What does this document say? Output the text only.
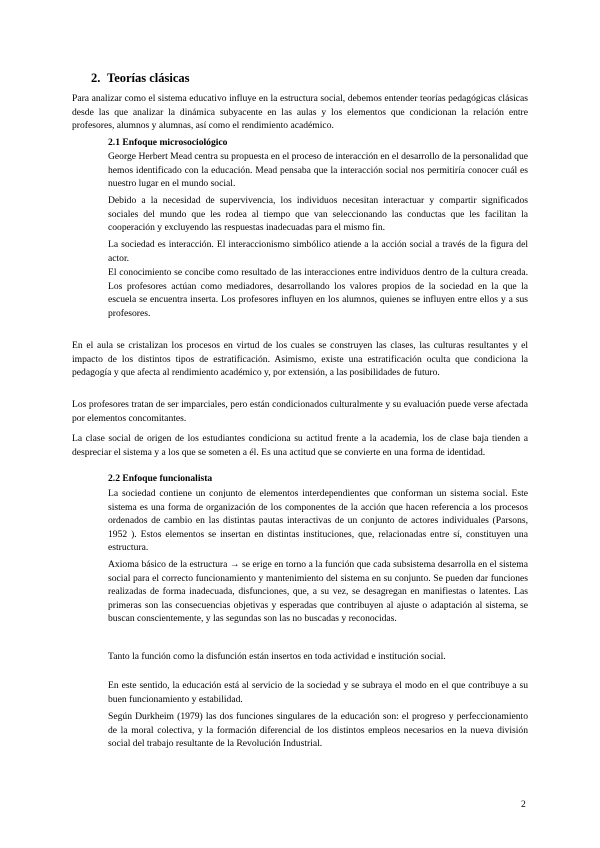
2. Teorías clásicas

Para analizar como el sistema educativo influye en la estructura social, debemos entender teorías pedagógicas clásicas desde las que analizar la dinámica subyacente en las aulas y los elementos que condicionan la relación entre profesores, alumnos y alumnas, así como el rendimiento académico.

2.1 Enfoque microsociológico

George Herbert Mead centra su propuesta en el proceso de interacción en el desarrollo de la personalidad que hemos identificado con la educación. Mead pensaba que la interacción social nos permitiría conocer cuál es nuestro lugar en el mundo social.

Debido a la necesidad de supervivencia, los individuos necesitan interactuar y compartir significados sociales del mundo que les rodea al tiempo que van seleccionando las conductas que les facilitan la cooperación y excluyendo las respuestas inadecuadas para el mismo fin.

La sociedad es interacción. El interaccionismo simbólico atiende a la acción social a través de la figura del actor.

El conocimiento se concibe como resultado de las interacciones entre individuos dentro de la cultura creada. Los profesores actúan como mediadores, desarrollando los valores propios de la sociedad en la que la escuela se encuentra inserta. Los profesores influyen en los alumnos, quienes se influyen entre ellos y a sus profesores.

En el aula se cristalizan los procesos en virtud de los cuales se construyen las clases, las culturas resultantes y el impacto de los distintos tipos de estratificación. Asimismo, existe una estratificación oculta que condiciona la pedagogía y que afecta al rendimiento académico y, por extensión, a las posibilidades de futuro.

Los profesores tratan de ser imparciales, pero están condicionados culturalmente y su evaluación puede verse afectada por elementos concomitantes.

La clase social de origen de los estudiantes condiciona su actitud frente a la academia, los de clase baja tienden a despreciar el sistema y a los que se someten a él. Es una actitud que se convierte en una forma de identidad.

2.2 Enfoque funcionalista

La sociedad contiene un conjunto de elementos interdependientes que conforman un sistema social. Este sistema es una forma de organización de los componentes de la acción que hacen referencia a los procesos ordenados de cambio en las distintas pautas interactivas de un conjunto de actores individuales (Parsons, 1952 ). Estos elementos se insertan en distintas instituciones, que, relacionadas entre sí, constituyen una estructura.

Axioma básico de la estructura → se erige en torno a la función que cada subsistema desarrolla en el sistema social para el correcto funcionamiento y mantenimiento del sistema en su conjunto. Se pueden dar funciones realizadas de forma inadecuada, disfunciones, que, a su vez, se desagregan en manifiestas o latentes. Las primeras son las consecuencias objetivas y esperadas que contribuyen al ajuste o adaptación al sistema, se buscan conscientemente, y las segundas son las no buscadas y reconocidas.

Tanto la función como la disfunción están insertos en toda actividad e institución social.

En este sentido, la educación está al servicio de la sociedad y se subraya el modo en el que contribuye a su buen funcionamiento y estabilidad.

Según Durkheim (1979) las dos funciones singulares de la educación son: el progreso y perfeccionamiento de la moral colectiva, y la formación diferencial de los distintos empleos necesarios en la nueva división social del trabajo resultante de la Revolución Industrial.

2
